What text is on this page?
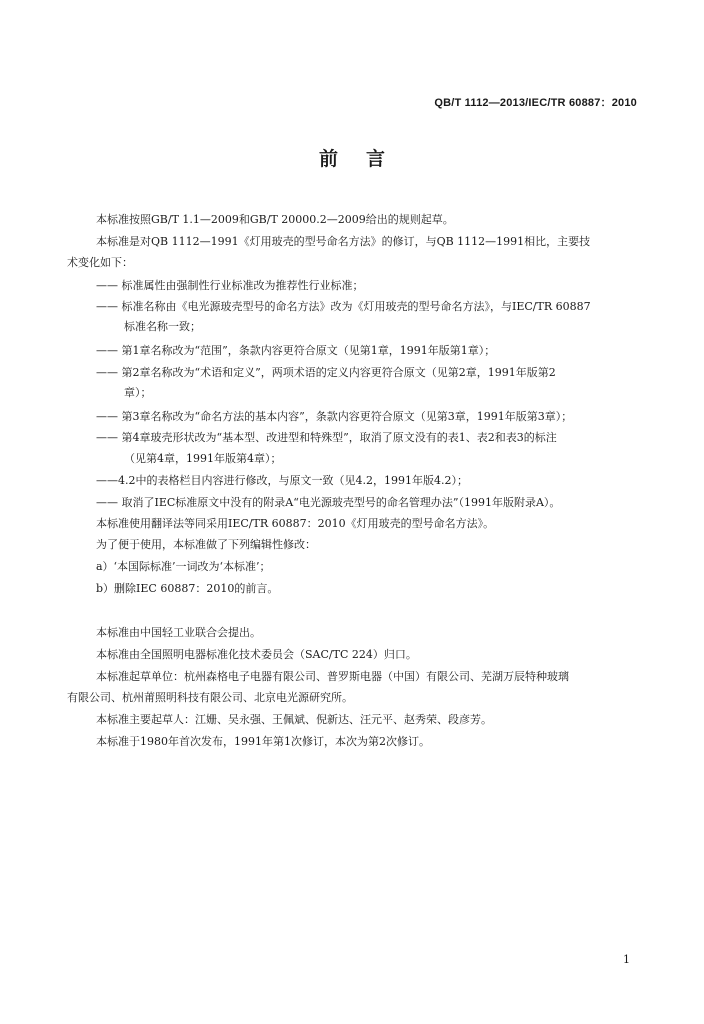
QB/T 1112—2013/IEC/TR 60887：2010
前言
本标准按照GB/T 1.1—2009和GB/T 20000.2—2009给出的规则起草。
本标准是对QB 1112—1991《灯用玻壳的型号命名方法》的修订，与QB 1112—1991相比，主要技
术变化如下：
—— 标准属性由强制性行业标准改为推荐性行业标准；
—— 标准名称由《电光源玻壳型号的命名方法》改为《灯用玻壳的型号命名方法》，与IEC/TR 60887
标准名称一致；
—— 第1章名称改为“范围”，条款内容更符合原文（见第1章，1991年版第1章）；
—— 第2章名称改为“术语和定义”，两项术语的定义内容更符合原文（见第2章，1991年版第2
章）；
—— 第3章名称改为“命名方法的基本内容”，条款内容更符合原文（见第3章，1991年版第3章）；
—— 第4章玻壳形状改为“基本型、改进型和特殊型”，取消了原文没有的表1、表2和表3的标注
（见第4章，1991年版第4章）；
——4.2中的表格栏目内容进行修改，与原文一致（见4.2，1991年版4.2）；
—— 取消了IEC标准原文中没有的附录A“电光源玻壳型号的命名管理办法”（1991年版附录A）。
本标准使用翻译法等同采用IEC/TR 60887：2010《灯用玻壳的型号命名方法》。
为了便于使用，本标准做了下列编辑性修改：
a）‘本国际标准’一词改为‘本标准’；
b）删除IEC 60887：2010的前言。
本标准由中国轻工业联合会提出。
本标准由全国照明电器标准化技术委员会（SAC/TC 224）归口。
本标准起草单位：杭州森格电子电器有限公司、普罗斯电器（中国）有限公司、芜湖万辰特种玻璃
有限公司、杭州莆照明科技有限公司、北京电光源研究所。
本标准主要起草人：江姗、吴永强、王佩斌、倪新达、汪元平、赵秀荣、段彦芳。
本标准于1980年首次发布，1991年第1次修订，本次为第2次修订。
1
